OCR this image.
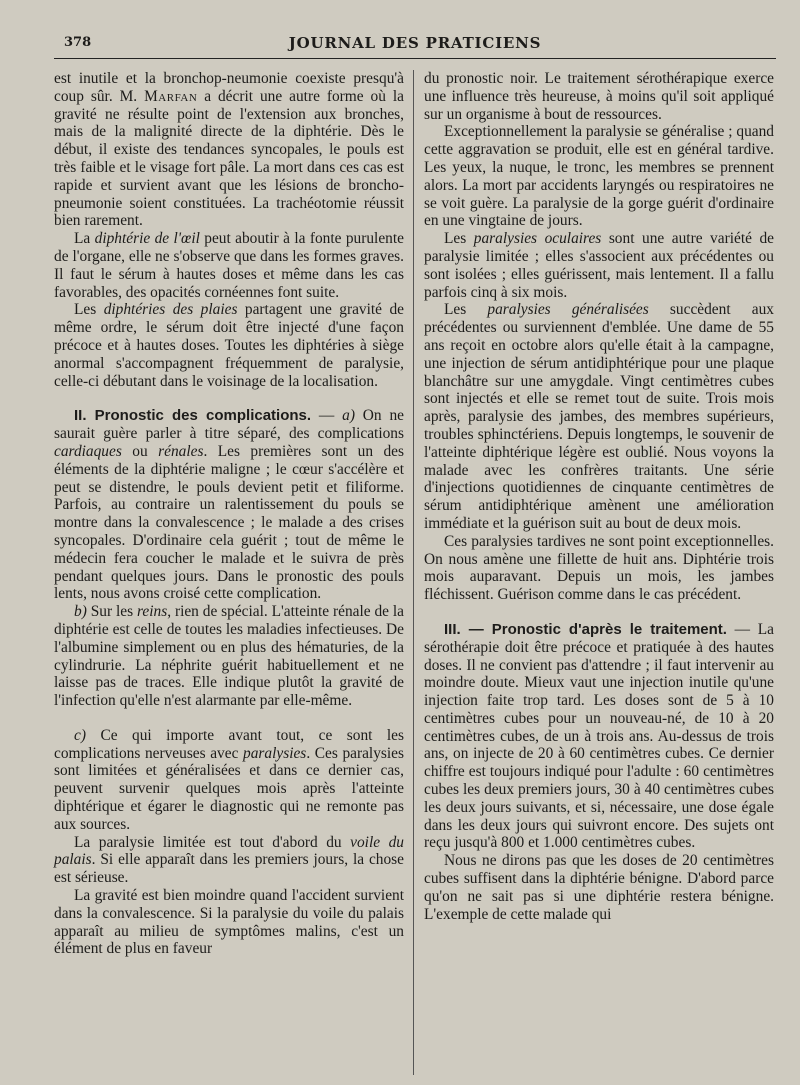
378	JOURNAL DES PRATICIENS

est inutile et la bronchop-neumonie coexiste presqu'à coup sûr. M. Marfan a décrit une autre forme où la gravité ne résulte point de l'extension aux bronches, mais de la malignité directe de la diphtérie. Dès le début, il existe des tendances syncopales, le pouls est très faible et le visage fort pâle. La mort dans ces cas est rapide et survient avant que les lésions de broncho-pneumonie soient constituées. La trachéotomie réussit bien rarement.

La diphtérie de l'œil peut aboutir à la fonte purulente de l'organe, elle ne s'observe que dans les formes graves. Il faut le sérum à hautes doses et même dans les cas favorables, des opacités cornéennes font suite.

Les diphtéries des plaies partagent une gravité de même ordre, le sérum doit être injecté d'une façon précoce et à hautes doses. Toutes les diphtéries à siège anormal s'accompagnent fréquemment de paralysie, celle-ci débutant dans le voisinage de la localisation.

II. Pronostic des complications. — a) On ne saurait guère parler à titre séparé, des complications cardiaques ou rénales. Les premières sont un des éléments de la diphtérie maligne ; le cœur s'accélère et peut se distendre, le pouls devient petit et filiforme. Parfois, au contraire un ralentissement du pouls se montre dans la convalescence ; le malade a des crises syncopales. D'ordinaire cela guérit ; tout de même le médecin fera coucher le malade et le suivra de près pendant quelques jours. Dans le pronostic des pouls lents, nous avons croisé cette complication.

b) Sur les reins, rien de spécial. L'atteinte rénale de la diphtérie est celle de toutes les maladies infectieuses. De l'albumine simplement ou en plus des hématuries, de la cylindrurie. La néphrite guérit habituellement et ne laisse pas de traces. Elle indique plutôt la gravité de l'infection qu'elle n'est alarmante par elle-même.

c) Ce qui importe avant tout, ce sont les complications nerveuses avec paralysies. Ces paralysies sont limitées et généralisées et dans ce dernier cas, peuvent survenir quelques mois après l'atteinte diphtérique et égarer le diagnostic qui ne remonte pas aux sources.

La paralysie limitée est tout d'abord du voile du palais. Si elle apparaît dans les premiers jours, la chose est sérieuse.

La gravité est bien moindre quand l'accident survient dans la convalescence. Si la paralysie du voile du palais apparaît au milieu de symptômes malins, c'est un élément de plus en faveur

du pronostic noir. Le traitement sérothérapique exerce une influence très heureuse, à moins qu'il soit appliqué sur un organisme à bout de ressources.

Exceptionnellement la paralysie se généralise ; quand cette aggravation se produit, elle est en général tardive. Les yeux, la nuque, le tronc, les membres se prennent alors. La mort par accidents laryngés ou respiratoires ne se voit guère. La paralysie de la gorge guérit d'ordinaire en une vingtaine de jours.

Les paralysies oculaires sont une autre variété de paralysie limitée ; elles s'associent aux précédentes ou sont isolées ; elles guérissent, mais lentement. Il a fallu parfois cinq à six mois.

Les paralysies généralisées succèdent aux précédentes ou surviennent d'emblée. Une dame de 55 ans reçoit en octobre alors qu'elle était à la campagne, une injection de sérum antidiphtérique pour une plaque blanchâtre sur une amygdale. Vingt centimètres cubes sont injectés et elle se remet tout de suite. Trois mois après, paralysie des jambes, des membres supérieurs, troubles sphinctériens. Depuis longtemps, le souvenir de l'atteinte diphtérique légère est oublié. Nous voyons la malade avec les confrères traitants. Une série d'injections quotidiennes de cinquante centimètres de sérum antidiphtérique amènent une amélioration immédiate et la guérison suit au bout de deux mois.

Ces paralysies tardives ne sont point exceptionnelles. On nous amène une fillette de huit ans. Diphtérie trois mois auparavant. Depuis un mois, les jambes fléchissent. Guérison comme dans le cas précédent.

III. — Pronostic d'après le traitement. — La sérothérapie doit être précoce et pratiquée à des hautes doses. Il ne convient pas d'attendre ; il faut intervenir au moindre doute. Mieux vaut une injection inutile qu'une injection faite trop tard. Les doses sont de 5 à 10 centimètres cubes pour un nouveau-né, de 10 à 20 centimètres cubes, de un à trois ans. Au-dessus de trois ans, on injecte de 20 à 60 centimètres cubes. Ce dernier chiffre est toujours indiqué pour l'adulte : 60 centimètres cubes les deux premiers jours, 30 à 40 centimètres cubes les deux jours suivants, et si, nécessaire, une dose égale dans les deux jours qui suivront encore. Des sujets ont reçu jusqu'à 800 et 1.000 centimètres cubes.

Nous ne dirons pas que les doses de 20 centimètres cubes suffisent dans la diphtérie bénigne. D'abord parce qu'on ne sait pas si une diphtérie restera bénigne. L'exemple de cette malade qui
